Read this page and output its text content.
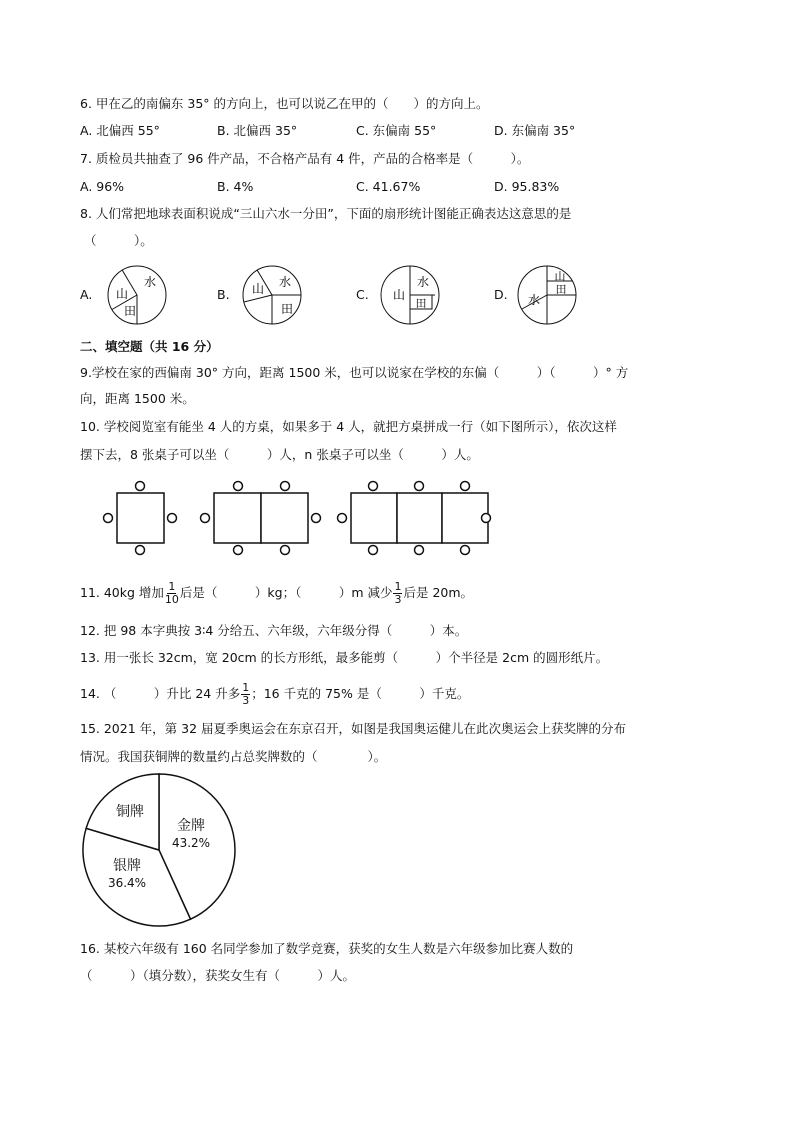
6. 甲在乙的南偏东 35° 的方向上，也可以说乙在甲的（　　）的方向上。
A. 北偏西 55°	B. 北偏西 35°	C. 东偏南 55°	D. 东偏南 35°
7. 质检员共抽查了 96 件产品，不合格产品有 4 件，产品的合格率是（　　　）。
A. 96%	B. 4%	C. 41.67%	D. 95.83%
8. 人们常把地球表面积说成“三山六水一分田”，下面的扇形统计图能正确表达这意思的是
（　　　）。
A.	B.	C.	D.
水
山
田
水
山
田
水
山
田
山
田
水
二、填空题（共 16 分）
9.学校在家的西偏南 30° 方向，距离 1500 米，也可以说家在学校的东偏（　　　）（　　　）° 方
向，距离 1500 米。
10. 学校阅览室有能坐 4 人的方桌，如果多于 4 人，就把方桌拼成一行（如下图所示），依次这样
摆下去，8 张桌子可以坐（　　　）人，n 张桌子可以坐（　　　）人。
11. 40kg 增加 $\frac{1}{10}$ 后是（　　　）kg；（　　　）m 减少 $\frac{1}{3}$ 后是 20m。
12. 把 98 本字典按 3∶4 分给五、六年级，六年级分得（　　　）本。
13. 用一张长 32cm，宽 20cm 的长方形纸，最多能剪（　　　）个半径是 2cm 的圆形纸片。
14. （　　　）升比 24 升多 $\frac{1}{3}$ ；16 千克的 75% 是（　　　）千克。
15. 2021 年，第 32 届夏季奥运会在东京召开，如图是我国奥运健儿在此次奥运会上获奖牌的分布
情况。我国获铜牌的数量约占总奖牌数的（　　　　）。
金牌
43.2%
银牌
36.4%
铜牌
16. 某校六年级有 160 名同学参加了数学竞赛，获奖的女生人数是六年级参加比赛人数的
（　　　）（填分数），获奖女生有（　　　）人。
